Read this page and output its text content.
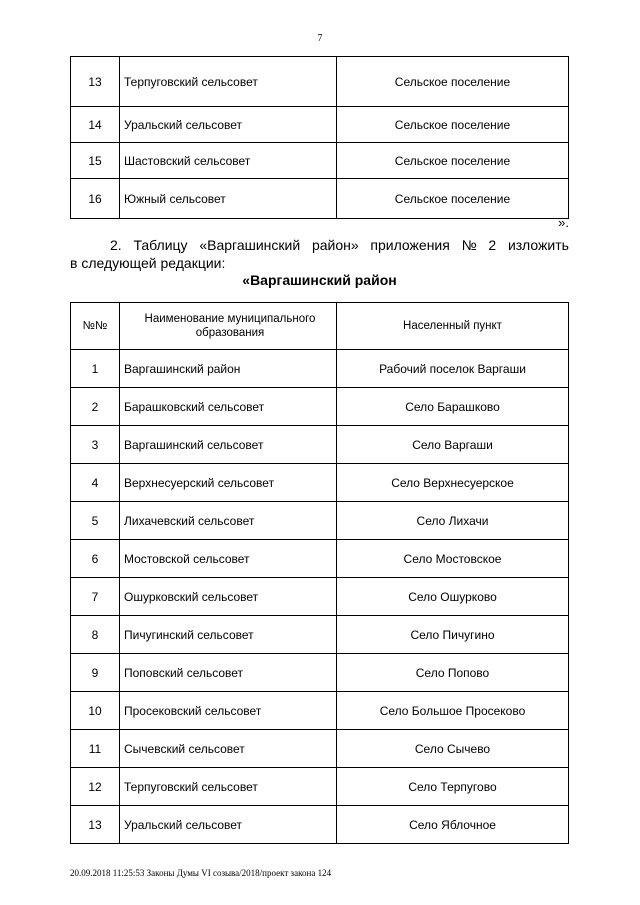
7
13	Терпуговский сельсовет	Сельское поселение
14	Уральский сельсовет	Сельское поселение
15	Шастовский сельсовет	Сельское поселение
16	Южный сельсовет	Сельское поселение
».
2. Таблицу «Варгашинский район» приложения № 2 изложить
в следующей редакции:
«Варгашинский район
№№	Наименование муниципального образования	Населенный пункт
1	Варгашинский район	Рабочий поселок Варгаши
2	Барашковский сельсовет	Село Барашково
3	Варгашинский сельсовет	Село Варгаши
4	Верхнесуерский сельсовет	Село Верхнесуерское
5	Лихачевский сельсовет	Село Лихачи
6	Мостовской сельсовет	Село Мостовское
7	Ошурковский сельсовет	Село Ошурково
8	Пичугинский сельсовет	Село Пичугино
9	Поповский сельсовет	Село Попово
10	Просековский сельсовет	Село Большое Просеково
11	Сычевский сельсовет	Село Сычево
12	Терпуговский сельсовет	Село Терпугово
13	Уральский сельсовет	Село Яблочное
20.09.2018 11:25:53 Законы Думы VI созыва/2018/проект закона 124
